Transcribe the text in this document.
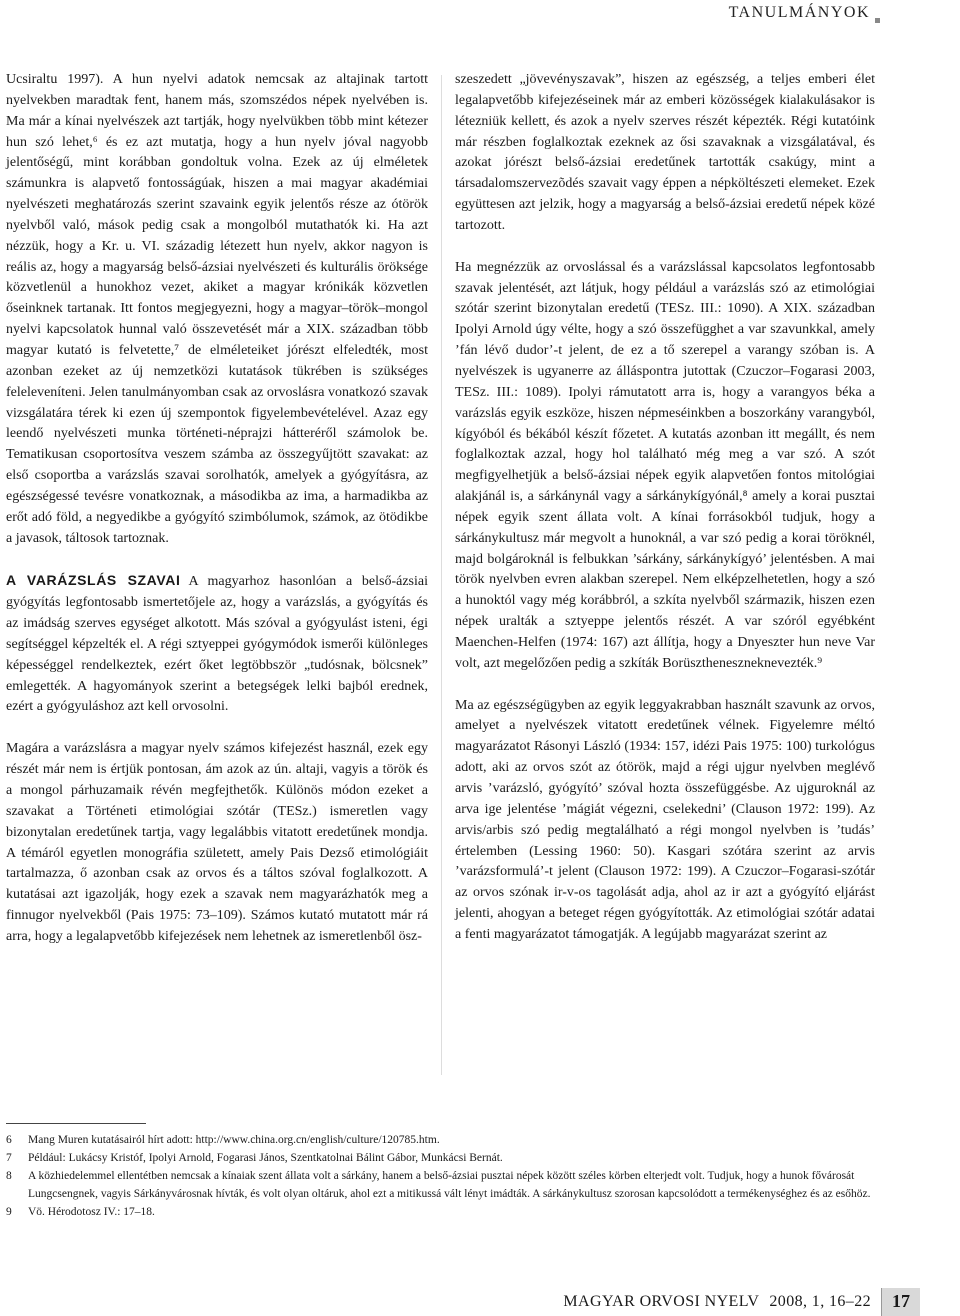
TANULMÁNYOK

Ucsiraltu 1997). A hun nyelvi adatok nemcsak az altajinak tartott nyelvekben maradtak fent, hanem más, szomszédos népek nyelvében is. Ma már a kínai nyelvészek azt tartják, hogy nyelvükben több mint kétezer hun szó lehet,⁶ és ez azt mutatja, hogy a hun nyelv jóval nagyobb jelentőségű, mint korábban gondoltuk volna. Ezek az új elméletek számunkra is alapvető fontosságúak, hiszen a mai magyar akadémiai nyelvészeti meghatározás szerint szavaink egyik jelentős része az ótörök nyelvből való, mások pedig csak a mongolból mutathatók ki. Ha azt nézzük, hogy a Kr. u. VI. századig létezett hun nyelv, akkor nagyon is reális az, hogy a magyarság belső-ázsiai nyelvészeti és kulturális öröksége közvetlenül a hunokhoz vezet, akiket a magyar krónikák közvetlen őseinknek tartanak. Itt fontos megjegyezni, hogy a magyar–török–mongol nyelvi kapcsolatok hunnal való összevetését már a XIX. században több magyar kutató is felvetette,⁷ de elméleteiket jórészt elfeledték, most azonban ezeket az új nemzetközi kutatások tükrében is szükséges feleleveníteni. Jelen tanulmányomban csak az orvoslásra vonatkozó szavak vizsgálatára térek ki ezen új szempontok figyelembevételével. Azaz egy leendő nyelvészeti munka történeti-néprajzi hátteréről számolok be. Tematikusan csoportosítva veszem számba az összegyűjtött szavakat: az első csoportba a varázslás szavai sorolhatók, amelyek a gyógyításra, az egészségessé tevésre vonatkoznak, a másodikba az ima, a harmadikba az erőt adó föld, a negyedikbe a gyógyító szimbólumok, számok, az ötödikbe a javasok, táltosok tartoznak.

A VARÁZSLÁS SZAVAI A magyarhoz hasonlóan a belső-ázsiai gyógyítás legfontosabb ismertetőjele az, hogy a varázslás, a gyógyítás és az imádság szerves egységet alkotott. Más szóval a gyógyulást isteni, égi segítséggel képzelték el. A régi sztyeppei gyógymódok ismerői különleges képességgel rendelkeztek, ezért őket legtöbbször „tudósnak, bölcsnek” emlegették. A hagyományok szerint a betegségek lelki bajból erednek, ezért a gyógyuláshoz azt kell orvosolni.

Magára a varázslásra a magyar nyelv számos kifejezést használ, ezek egy részét már nem is értjük pontosan, ám azok az ún. altaji, vagyis a török és a mongol párhuzamaik révén megfejthetők. Különös módon ezeket a szavakat a Történeti etimológiai szótár (TESz.) ismeretlen vagy bizonytalan eredetűnek tartja, vagy legalábbis vitatott eredetűnek mondja. A témáról egyetlen monográfia született, amely Pais Dezső etimológiáit tartalmazza, ő azonban csak az orvos és a táltos szóval foglalkozott. A kutatásai azt igazolják, hogy ezek a szavak nem magyarázhatók meg a finnugor nyelvekből (Pais 1975: 73–109). Számos kutató mutatott már rá arra, hogy a legalapvetőbb kifejezések nem lehetnek az ismeretlenből ösz-

szeszedett „jövevényszavak”, hiszen az egészség, a teljes emberi élet legalapvetőbb kifejezéseinek már az emberi közösségek kialakulásakor is létezniük kellett, és azok a nyelv szerves részét képezték. Régi kutatóink már részben foglalkoztak ezeknek az ősi szavaknak a vizsgálatával, és azokat jórészt belső-ázsiai eredetűnek tartották csakúgy, mint a társadalomszervezõdés szavait vagy éppen a népköltészeti elemeket. Ezek együttesen azt jelzik, hogy a magyarság a belső-ázsiai eredetű népek közé tartozott.

Ha megnézzük az orvoslással és a varázslással kapcsolatos legfontosabb szavak jelentését, azt látjuk, hogy például a varázslás szó az etimológiai szótár szerint bizonytalan eredetű (TESz. III.: 1090). A XIX. században Ipolyi Arnold úgy vélte, hogy a szó összefügghet a var szavunkkal, amely ’fán lévő dudor’-t jelent, de ez a tő szerepel a varangy szóban is. A nyelvészek is ugyanerre az álláspontra jutottak (Czuczor–Fogarasi 2003, TESz. III.: 1089). Ipolyi rámutatott arra is, hogy a varangyos béka a varázslás egyik eszköze, hiszen népmeséinkben a boszorkány varangyból, kígyóból és békából készít főzetet. A kutatás azonban itt megállt, és nem foglalkoztak azzal, hogy hol található még meg a var szó. A szót megfigyelhetjük a belső-ázsiai népek egyik alapvetően fontos mitológiai alakjánál is, a sárkánynál vagy a sárkánykígyónál,⁸ amely a korai pusztai népek egyik szent állata volt. A kínai forrásokból tudjuk, hogy a sárkánykultusz már megvolt a hunoknál, a var szó pedig a korai töröknél, majd bolgároknál is felbukkan ’sárkány, sárkánykígyó’ jelentésben. A mai török nyelvben evren alakban szerepel. Nem elképzelhetetlen, hogy a szó a hunoktól vagy még korábbról, a szkíta nyelvből származik, hiszen ezen népek uralták a sztyeppe jelentős részét. A var szóról egyébként Maenchen-Helfen (1974: 167) azt állítja, hogy a Dnyeszter hun neve Var volt, azt megelőzően pedig a szkíták Borüsztheneszneknevezték.⁹

Ma az egészségügyben az egyik leggyakrabban használt szavunk az orvos, amelyet a nyelvészek vitatott eredetűnek vélnek. Figyelemre méltó magyarázatot Rásonyi László (1934: 157, idézi Pais 1975: 100) turkológus adott, aki az orvos szót az ótörök, majd a régi ujgur nyelvben meglévő arvis ’varázsló, gyógyító’ szóval hozta összefüggésbe. Az ujguroknál az arva ige jelentése ’mágiát végezni, cselekedni’ (Clauson 1972: 199). Az arvis/arbis szó pedig megtalálható a régi mongol nyelvben is ’tudás’ értelemben (Lessing 1960: 50). Kasgari szótára szerint az arvis ’varázsformulá’-t jelent (Clauson 1972: 199). A Czuczor–Fogarasi-szótár az orvos szónak ir-v-os tagolását adja, ahol az ir azt a gyógyító eljárást jelenti, ahogyan a beteget régen gyógyították. Az etimológiai szótár adatai a fenti magyarázatot támogatják. A legújabb magyarázat szerint az

6 Mang Muren kutatásairól hírt adott: http://www.china.org.cn/english/culture/120785.htm.
7 Például: Lukácsy Kristóf, Ipolyi Arnold, Fogarasi János, Szentkatolnai Bálint Gábor, Munkácsi Bernát.
8 A közhiedelemmel ellentétben nemcsak a kínaiak szent állata volt a sárkány, hanem a belső-ázsiai pusztai népek között széles körben elterjedt volt. Tudjuk, hogy a hunok fővárosát Lungcsengnek, vagyis Sárkányvárosnak hívták, és volt olyan oltáruk, ahol ezt a mitikussá vált lényt imádták. A sárkánykultusz szorosan kapcsolódott a termékenységhez és az esőhöz.
9 Vö. Hérodotosz IV.: 17–18.
MAGYAR ORVOSI NYELV 2008, 1, 16–22	17
